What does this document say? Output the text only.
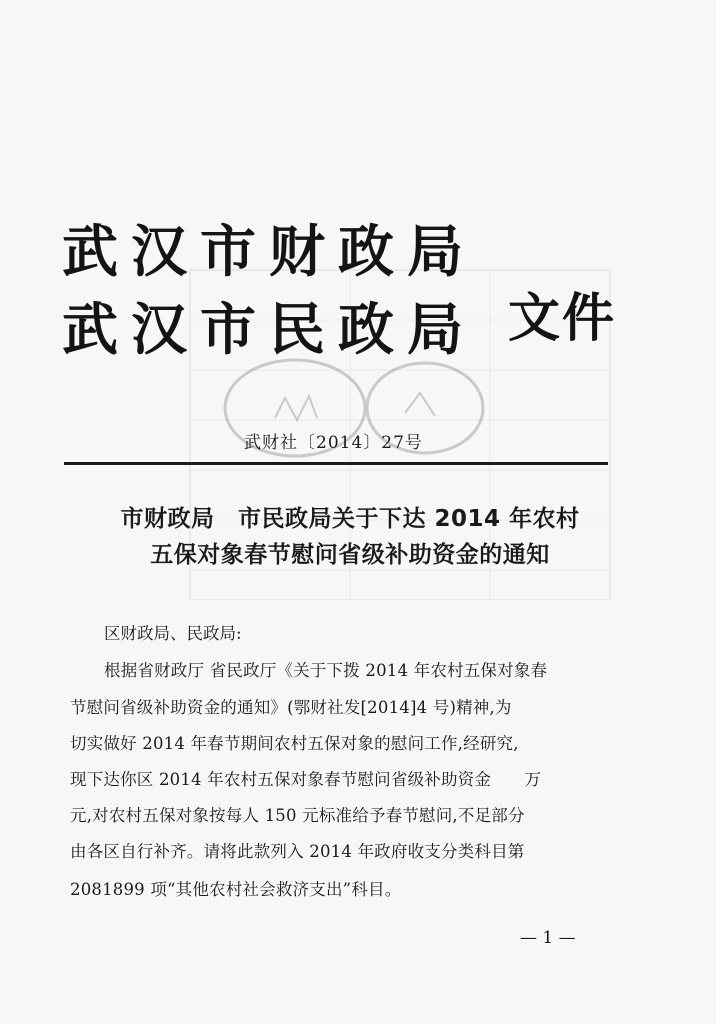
武汉市财政局
武汉市民政局 文件
武财社〔2014〕27号
市财政局　市民政局关于下达 2014 年农村
五保对象春节慰问省级补助资金的通知
区财政局、民政局:
根据省财政厅 省民政厅《关于下拨 2014 年农村五保对象春
节慰问省级补助资金的通知》(鄂财社发[2014]4 号)精神,为
切实做好 2014 年春节期间农村五保对象的慰问工作,经研究,
现下达你区 2014 年农村五保对象春节慰问省级补助资金　　万
元,对农村五保对象按每人 150 元标准给予春节慰问,不足部分
由各区自行补齐。请将此款列入 2014 年政府收支分类科目第
2081899 项“其他农村社会救济支出”科目。
— 1 —
